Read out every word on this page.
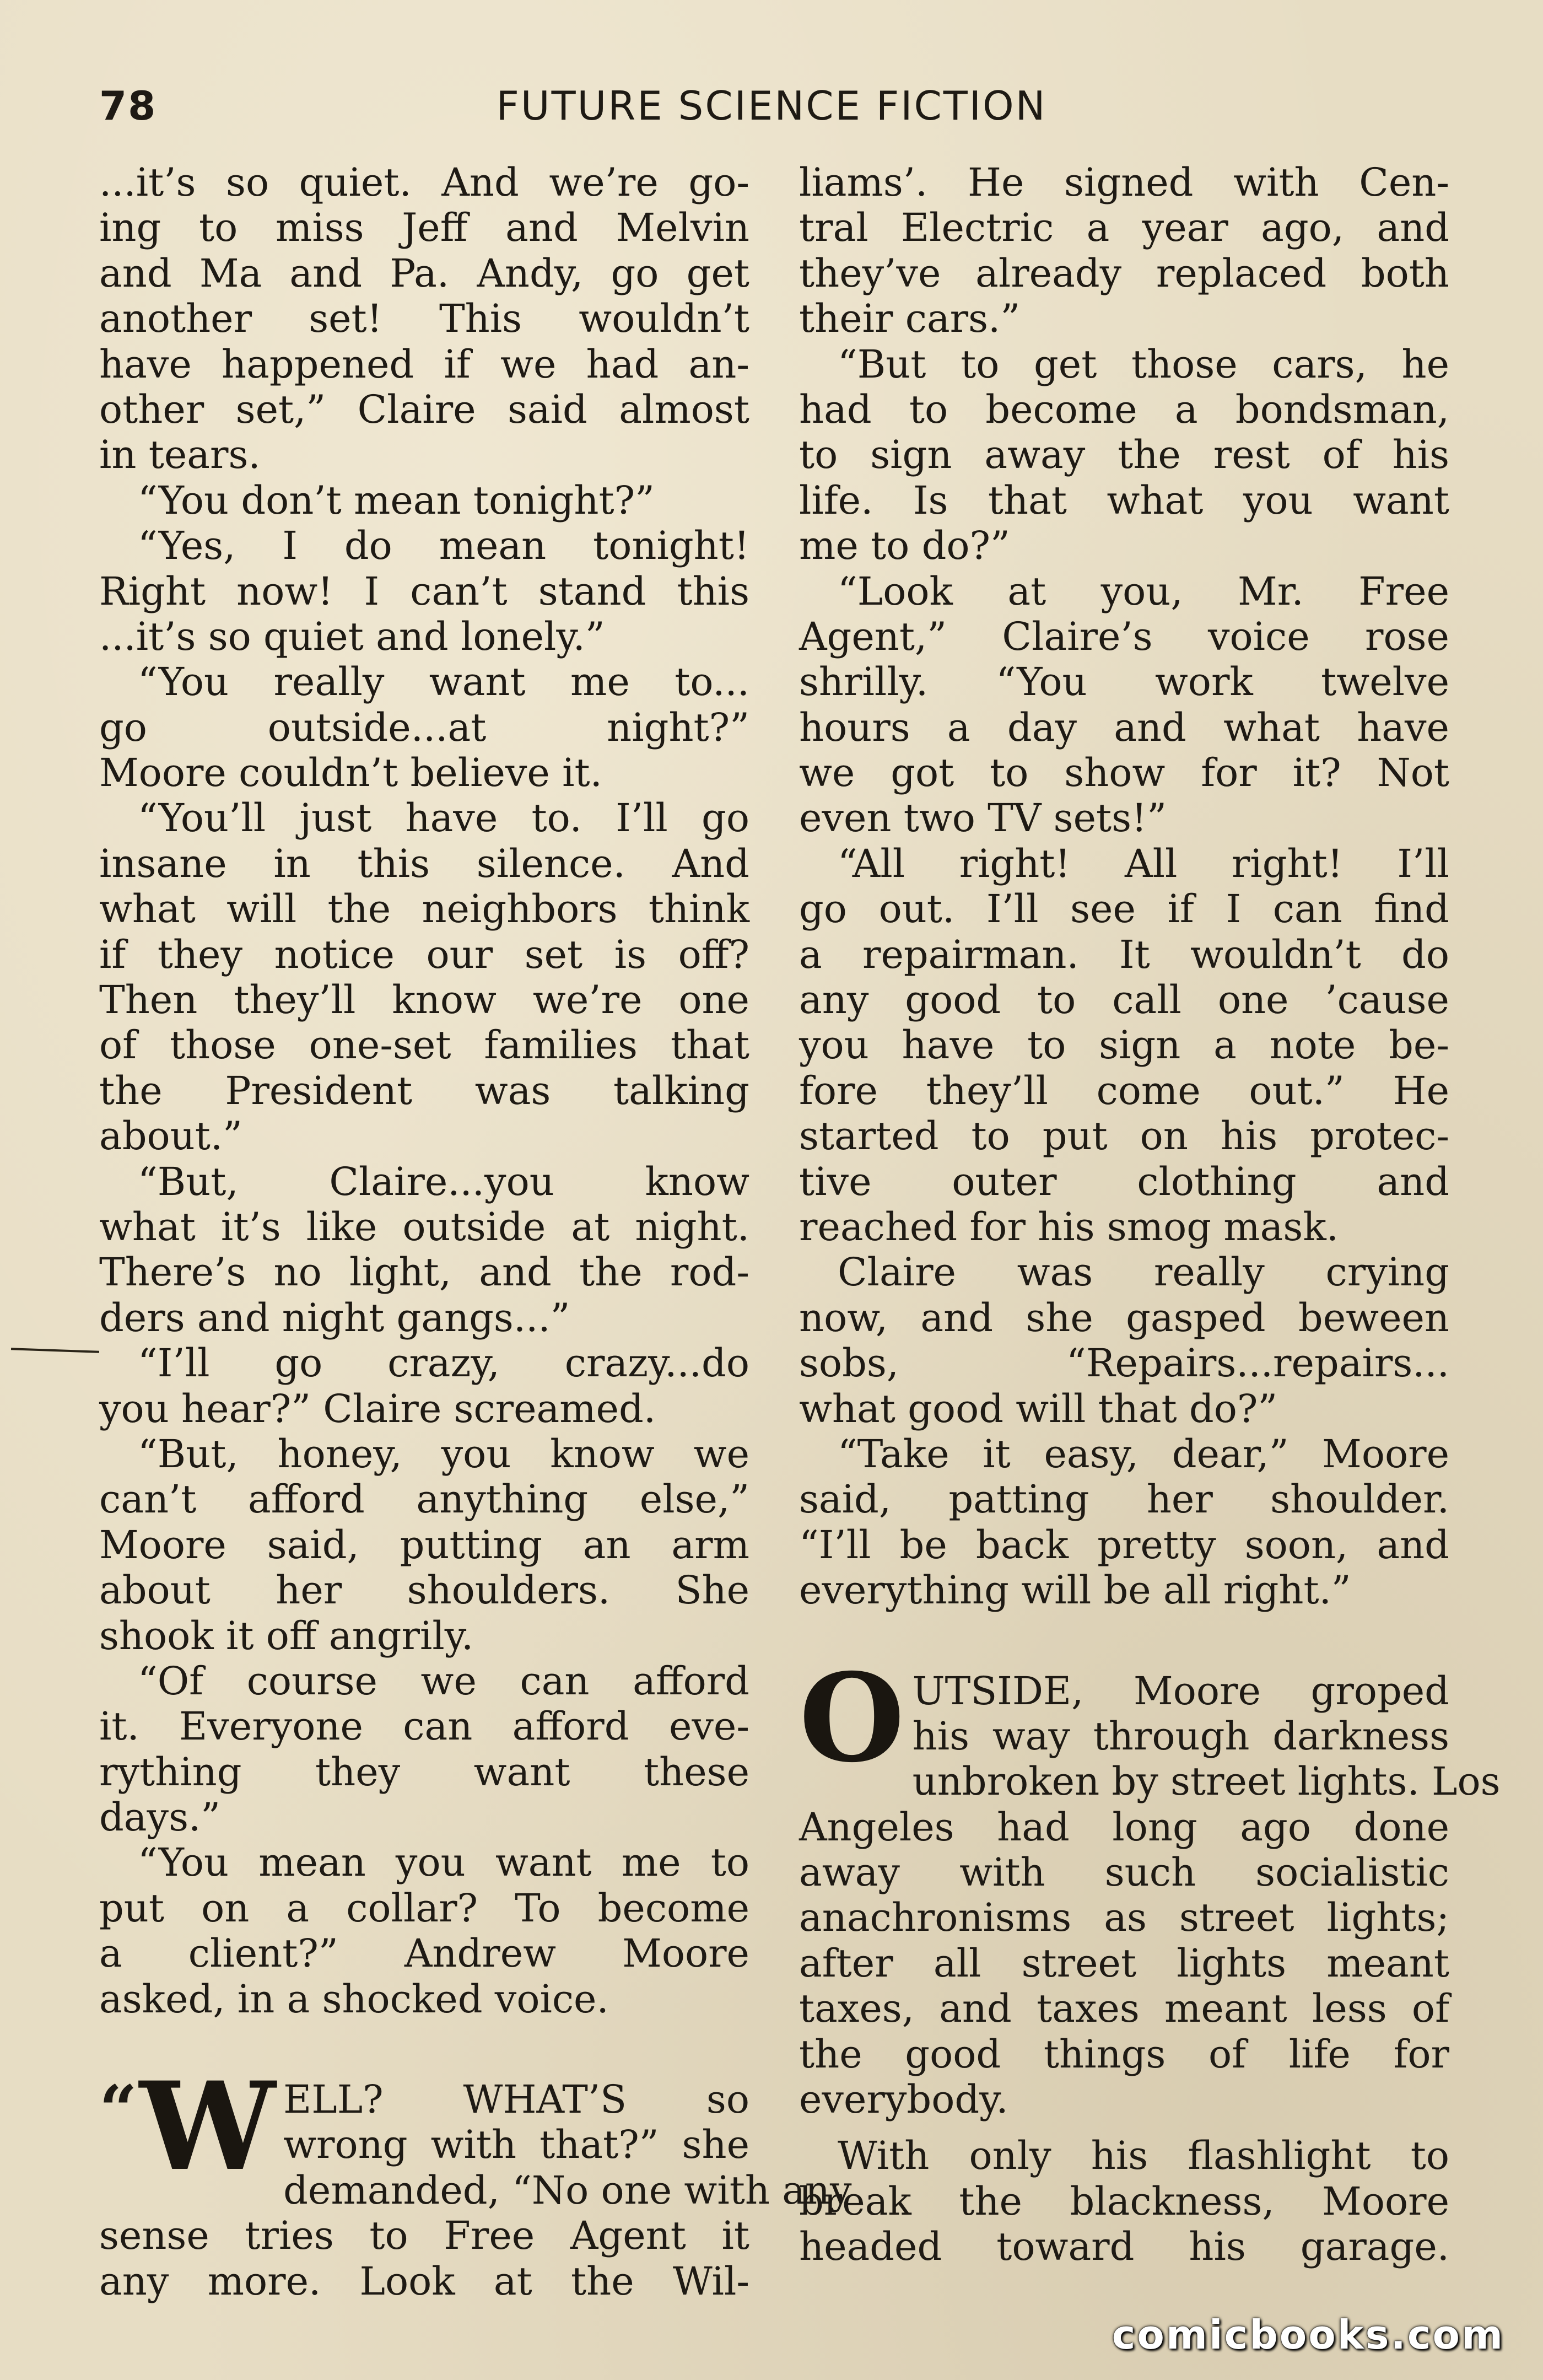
78	FUTURE SCIENCE FICTION
...it’s so quiet. And we’re go-
ing to miss Jeff and Melvin
and Ma and Pa. Andy, go get
another set! This wouldn’t
have happened if we had an-
other set,” Claire said almost
in tears.
“You don’t mean tonight?”
“Yes, I do mean tonight!
Right now! I can’t stand this
...it’s so quiet and lonely.”
“You really want me to...
go outside...at night?”
Moore couldn’t believe it.
“You’ll just have to. I’ll go
insane in this silence. And
what will the neighbors think
if they notice our set is off?
Then they’ll know we’re one
of those one-set families that
the President was talking
about.”
“But, Claire...you know
what it’s like outside at night.
There’s no light, and the rod-
ders and night gangs...”
“I’ll go crazy, crazy...do
you hear?” Claire screamed.
“But, honey, you know we
can’t afford anything else,”
Moore said, putting an arm
about her shoulders. She
shook it off angrily.
“Of course we can afford
it. Everyone can afford eve-
rything they want these
days.”
“You mean you want me to
put on a collar? To become
a client?” Andrew Moore
asked, in a shocked voice.
“ W ELL? WHAT’S so
wrong with that?” she
demanded, “No one with any
sense tries to Free Agent it
any more. Look at the Wil-
liams’. He signed with Cen-
tral Electric a year ago, and
they’ve already replaced both
their cars.”
“But to get those cars, he
had to become a bondsman,
to sign away the rest of his
life. Is that what you want
me to do?”
“Look at you, Mr. Free
Agent,” Claire’s voice rose
shrilly. “You work twelve
hours a day and what have
we got to show for it? Not
even two TV sets!”
“All right! All right! I’ll
go out. I’ll see if I can find
a repairman. It wouldn’t do
any good to call one ’cause
you have to sign a note be-
fore they’ll come out.” He
started to put on his protec-
tive outer clothing and
reached for his smog mask.
Claire was really crying
now, and she gasped beween
sobs, “Repairs...repairs...
what good will that do?”
“Take it easy, dear,” Moore
said, patting her shoulder.
“I’ll be back pretty soon, and
everything will be all right.”
O UTSIDE, Moore groped
his way through darkness
unbroken by street lights. Los
Angeles had long ago done
away with such socialistic
anachronisms as street lights;
after all street lights meant
taxes, and taxes meant less of
the good things of life for
everybody.
With only his flashlight to
break the blackness, Moore
headed toward his garage.
comicbooks.com
